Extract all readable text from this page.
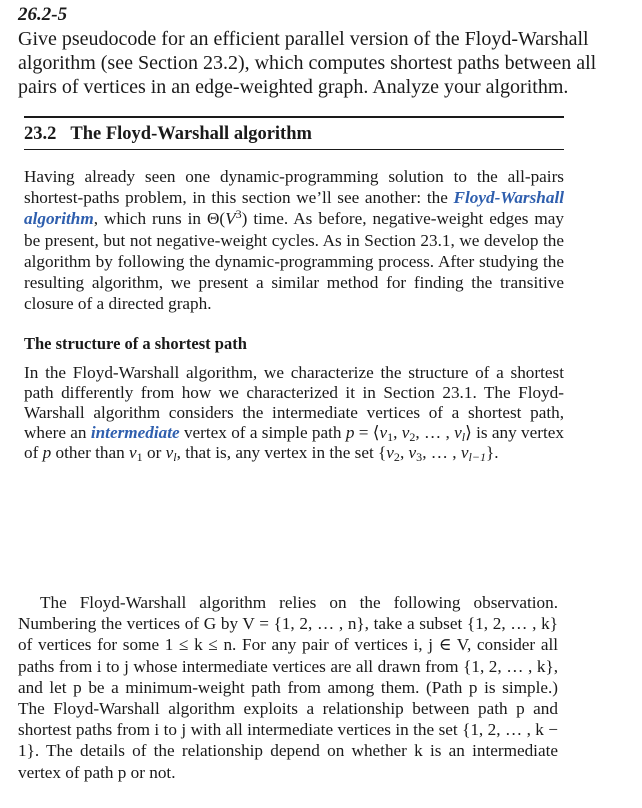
26.2-5
Give pseudocode for an efficient parallel version of the Floyd-Warshall algorithm (see Section 23.2), which computes shortest paths between all pairs of vertices in an edge-weighted graph. Analyze your algorithm.
23.2 The Floyd-Warshall algorithm
Having already seen one dynamic-programming solution to the all-pairs shortest-paths problem, in this section we’ll see another: the Floyd-Warshall algorithm, which runs in $\Theta(V^3)$ time. As before, negative-weight edges may be present, but not negative-weight cycles. As in Section 23.1, we develop the algorithm by following the dynamic-programming process. After studying the resulting algorithm, we present a similar method for finding the transitive closure of a directed graph.
The structure of a shortest path
In the Floyd-Warshall algorithm, we characterize the structure of a shortest path differently from how we characterized it in Section 23.1. The Floyd-Warshall algorithm considers the intermediate vertices of a shortest path, where an intermediate vertex of a simple path $p = ⟨v_1$, $v_2$, … , $v_l⟩$ is any vertex of p other than $v_1$ or $v_l$, that is, any vertex in the set {$v_2$, $v_3$, … , $v_{l-1}$}.
The Floyd-Warshall algorithm relies on the following observation. Numbering the vertices of G by V = {1, 2, … , n}, take a subset {1, 2, … , k} of vertices for some 1 ≤ k ≤ n. For any pair of vertices i, j ∈ V, consider all paths from i to j whose intermediate vertices are all drawn from {1, 2, … , k}, and let p be a minimum-weight path from among them. (Path p is simple.) The Floyd-Warshall algorithm exploits a relationship between path p and shortest paths from i to j with all intermediate vertices in the set {1, 2, … , k − 1}. The details of the relationship depend on whether k is an intermediate vertex of path p or not.
